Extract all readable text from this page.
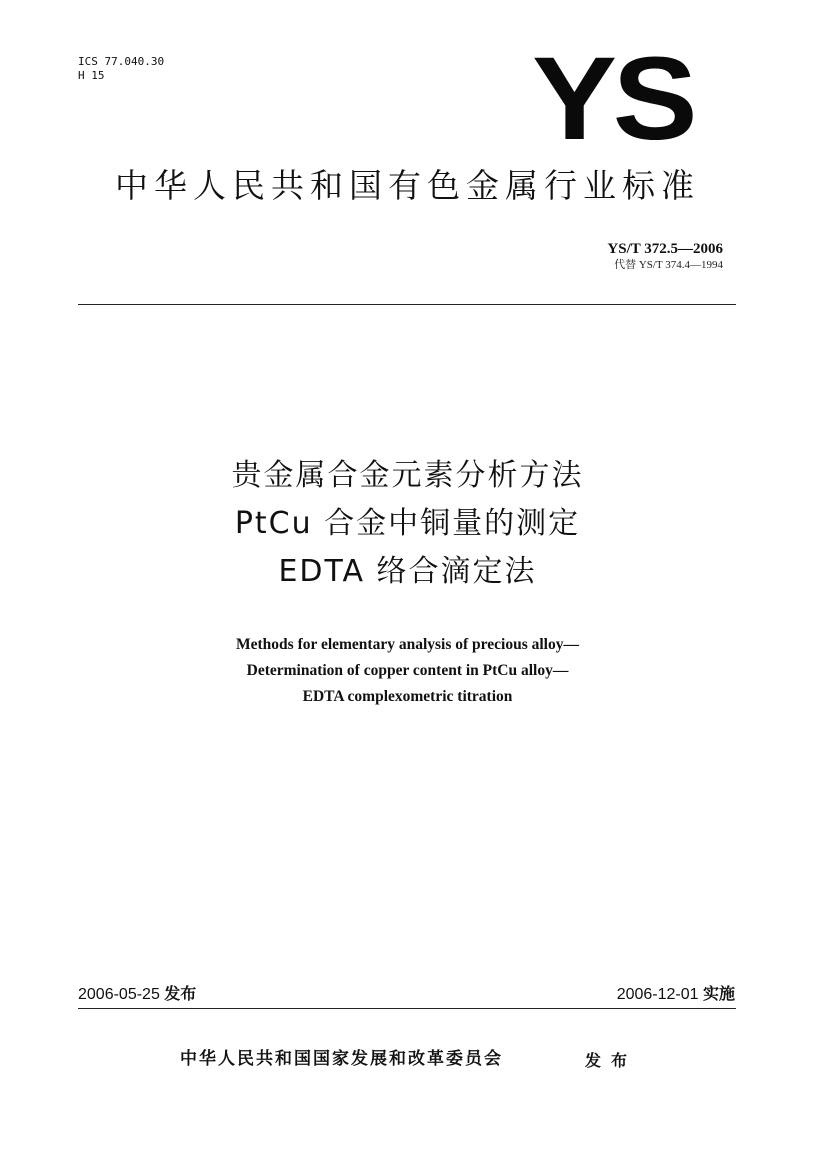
ICS 77.040.30
H 15	YS
中华人民共和国有色金属行业标准
YS/T 372.5—2006
代替 YS/T 374.4—1994
贵金属合金元素分析方法
PtCu 合金中铜量的测定
EDTA 络合滴定法
Methods for elementary analysis of precious alloy—
Determination of copper content in PtCu alloy—
EDTA complexometric titration
2006-05-25 发布	2006-12-01 实施
中华人民共和国国家发展和改革委员会	发布
